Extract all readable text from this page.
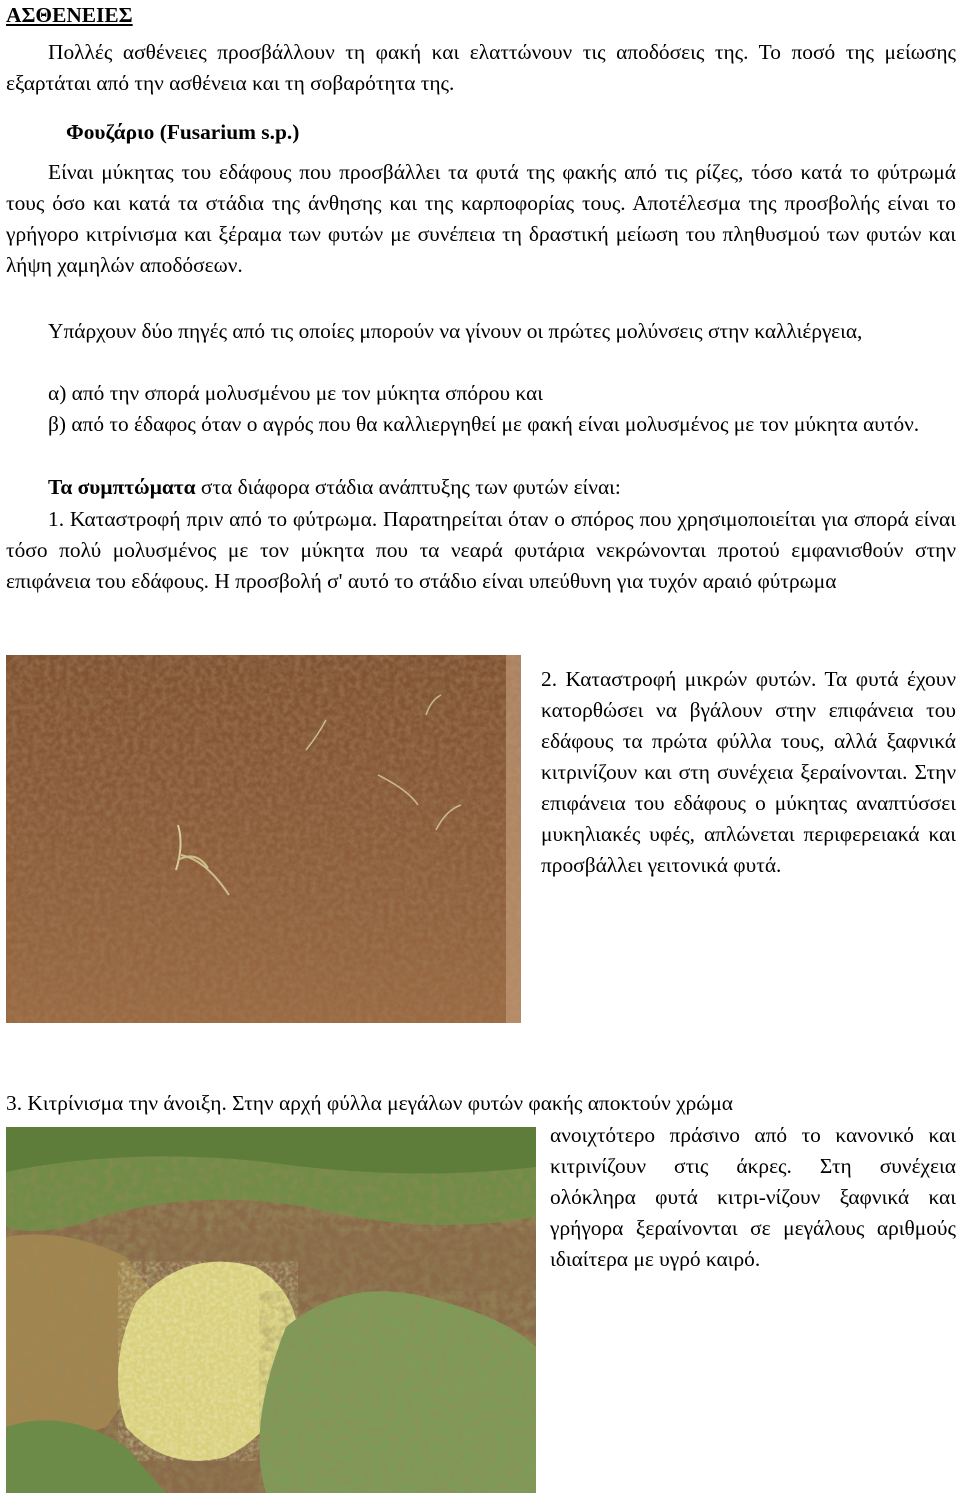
ΑΣΘΕΝΕΙΕΣ
Πολλές ασθένειες προσβάλλουν τη φακή και ελαττώνουν τις αποδόσεις της. Το ποσό της μείωσης εξαρτάται από την ασθένεια και τη σοβαρότητα της.
Φουζάριο (Fusarium s.p.)
Είναι μύκητας του εδάφους που προσβάλλει τα φυτά της φακής από τις ρίζες, τόσο κατά το φύτρωμά τους όσο και κατά τα στάδια της άνθησης και της καρποφορίας τους. Αποτέλεσμα της προσβολής είναι το γρήγορο κιτρίνισμα και ξέραμα των φυτών με συνέπεια τη δραστική μείωση του πληθυσμού των φυτών και λήψη χαμηλών αποδόσεων.
Υπάρχουν δύο πηγές από τις οποίες μπορούν να γίνουν οι πρώτες μολύνσεις στην καλλιέργεια,
α) από την σπορά μολυσμένου με τον μύκητα σπόρου και
β) από το έδαφος όταν ο αγρός που θα καλλιεργηθεί με φακή είναι μολυσμένος με τον μύκητα αυτόν.
Τα συμπτώματα στα διάφορα στάδια ανάπτυξης των φυτών είναι:
1. Καταστροφή πριν από το φύτρωμα. Παρατηρείται όταν ο σπόρος που χρησιμοποιείται για σπορά είναι τόσο πολύ μολυσμένος με τον μύκητα που τα νεαρά φυτάρια νεκρώνονται προτού εμφανισθούν στην επιφάνεια του εδάφους. Η προσβολή σ' αυτό το στάδιο είναι υπεύθυνη για τυχόν αραιό φύτρωμα
2. Καταστροφή μικρών φυτών. Τα φυτά έχουν κατορθώσει να βγάλουν στην επιφάνεια του εδάφους τα πρώτα φύλλα τους, αλλά ξαφνικά κιτρινίζουν και στη συνέχεια ξεραίνονται. Στην επιφάνεια του εδάφους ο μύκητας αναπτύσσει μυκηλιακές υφές, απλώνεται περιφερειακά και προσβάλλει γειτονικά φυτά.
3. Κιτρίνισμα την άνοιξη. Στην αρχή φύλλα μεγάλων φυτών φακής αποκτούν χρώμα
ανοιχτότερο πράσινο από το κανονικό και κιτρινίζουν στις άκρες. Στη συνέχεια ολόκληρα φυτά κιτρι-νίζουν ξαφνικά και γρήγορα ξεραίνονται σε μεγάλους αριθμούς ιδιαίτερα με υγρό καιρό.
